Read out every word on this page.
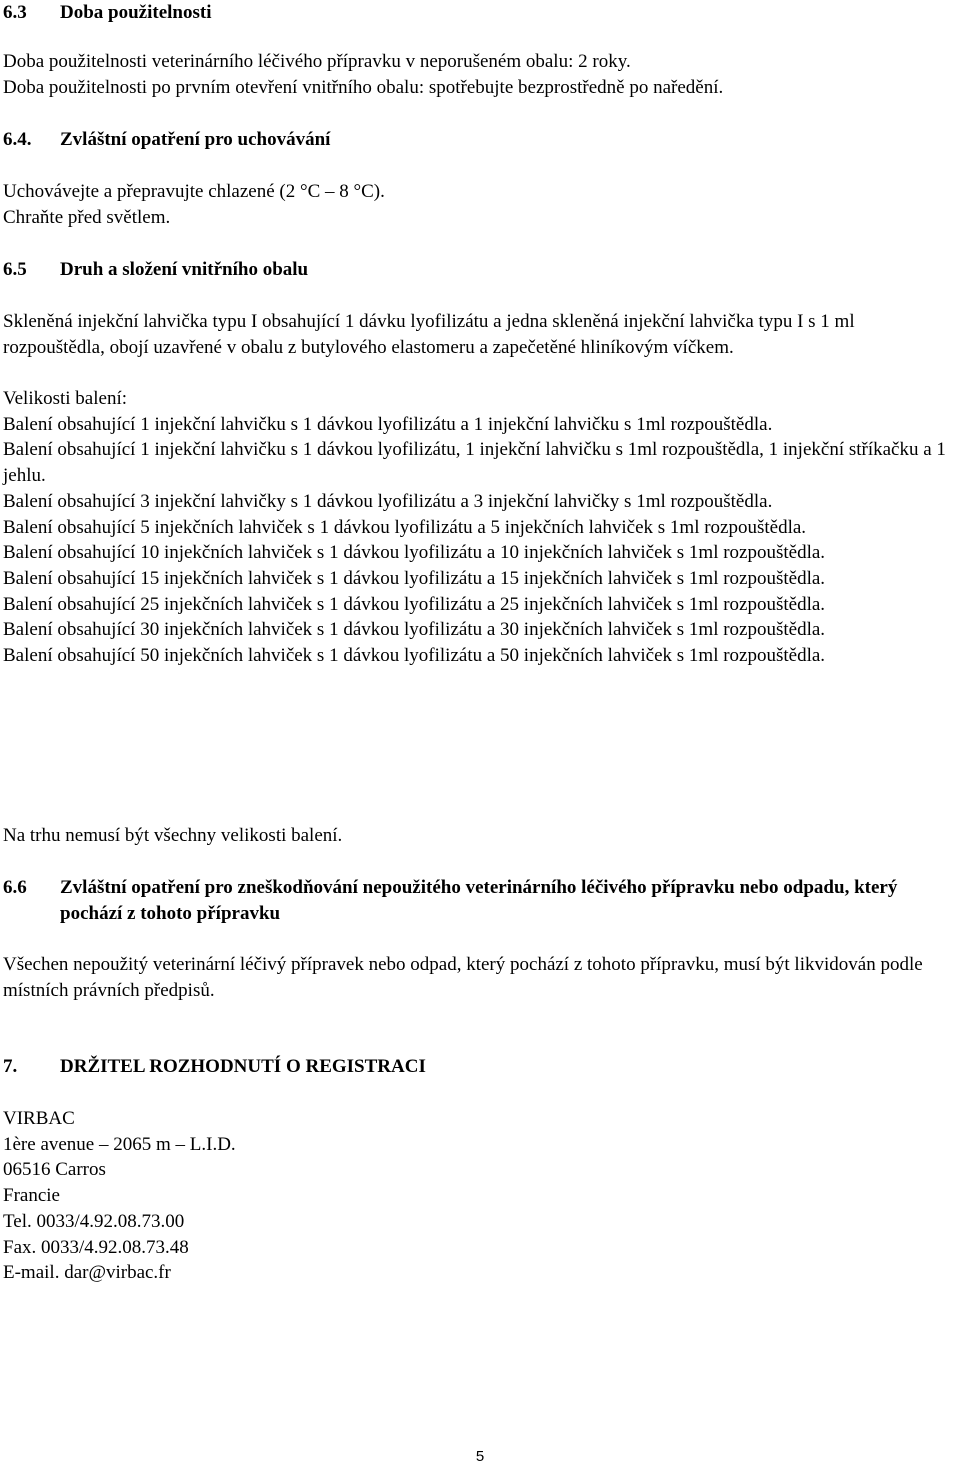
6.3	Doba použitelnosti

Doba použitelnosti veterinárního léčivého přípravku v neporušeném obalu: 2 roky.

Doba použitelnosti po prvním otevření vnitřního obalu: spotřebujte bezprostředně po naředění.

6.4.	Zvláštní opatření pro uchovávání

Uchovávejte a přepravujte chlazené (2 °C – 8 °C).

Chraňte před světlem.

6.5	Druh a složení vnitřního obalu

Skleněná injekční lahvička typu I obsahující 1 dávku lyofilizátu a jedna skleněná injekční lahvička typu I s 1 ml rozpouštědla, obojí uzavřené v obalu z butylového elastomeru a zapečetěné hliníkovým víčkem.

Velikosti balení:

Balení obsahující 1 injekční lahvičku s 1 dávkou lyofilizátu a 1 injekční lahvičku s 1ml rozpouštědla.

Balení obsahující 1 injekční lahvičku s 1 dávkou lyofilizátu, 1 injekční lahvičku s 1ml rozpouštědla, 1 injekční stříkačku a 1 jehlu.

Balení obsahující 3 injekční lahvičky s 1 dávkou lyofilizátu a 3 injekční lahvičky s 1ml rozpouštědla.

Balení obsahující 5 injekčních lahviček s 1 dávkou lyofilizátu a 5 injekčních lahviček s 1ml rozpouštědla.

Balení obsahující 10 injekčních lahviček s 1 dávkou lyofilizátu a 10 injekčních lahviček s 1ml rozpouštědla.

Balení obsahující 15 injekčních lahviček s 1 dávkou lyofilizátu a 15 injekčních lahviček s 1ml rozpouštědla.

Balení obsahující 25 injekčních lahviček s 1 dávkou lyofilizátu a 25 injekčních lahviček s 1ml rozpouštědla.

Balení obsahující 30 injekčních lahviček s 1 dávkou lyofilizátu a 30 injekčních lahviček s 1ml rozpouštědla.

Balení obsahující 50 injekčních lahviček s 1 dávkou lyofilizátu a 50 injekčních lahviček s 1ml rozpouštědla.

Na trhu nemusí být všechny velikosti balení.

6.6	Zvláštní opatření pro zneškodňování nepoužitého veterinárního léčivého přípravku nebo odpadu, který pochází z tohoto přípravku

Všechen nepoužitý veterinární léčivý přípravek nebo odpad, který pochází z tohoto přípravku, musí být likvidován podle místních právních předpisů.

7.	DRŽITEL ROZHODNUTÍ O REGISTRACI

VIRBAC

1ère avenue – 2065 m – L.I.D.

06516 Carros

Francie

Tel. 0033/4.92.08.73.00

Fax. 0033/4.92.08.73.48

E-mail. dar@virbac.fr

5
